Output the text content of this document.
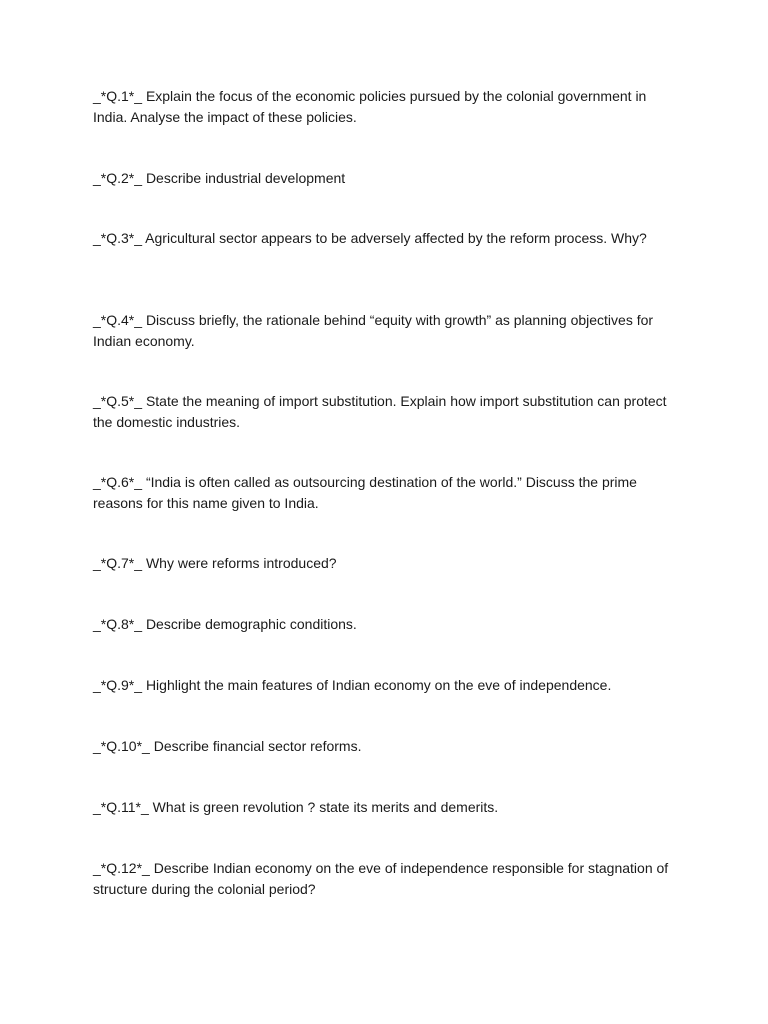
_*Q.1*_ Explain the focus of the economic policies pursued by the colonial government in India. Analyse the impact of these policies.

_*Q.2*_ Describe industrial development

_*Q.3*_ Agricultural sector appears to be adversely affected by the reform process. Why?

_*Q.4*_ Discuss briefly, the rationale behind “equity with growth” as planning objectives for Indian economy.

_*Q.5*_ State the meaning of import substitution. Explain how import substitution can protect the domestic industries.

_*Q.6*_ “India is often called as outsourcing destination of the world.” Discuss the prime reasons for this name given to India.

_*Q.7*_ Why were reforms introduced?

_*Q.8*_ Describe demographic conditions.

_*Q.9*_ Highlight the main features of Indian economy on the eve of independence.

_*Q.10*_ Describe financial sector reforms.

_*Q.11*_ What is green revolution ? state its merits and demerits.

_*Q.12*_ Describe Indian economy on the eve of independence responsible for stagnation of structure during the colonial period?
